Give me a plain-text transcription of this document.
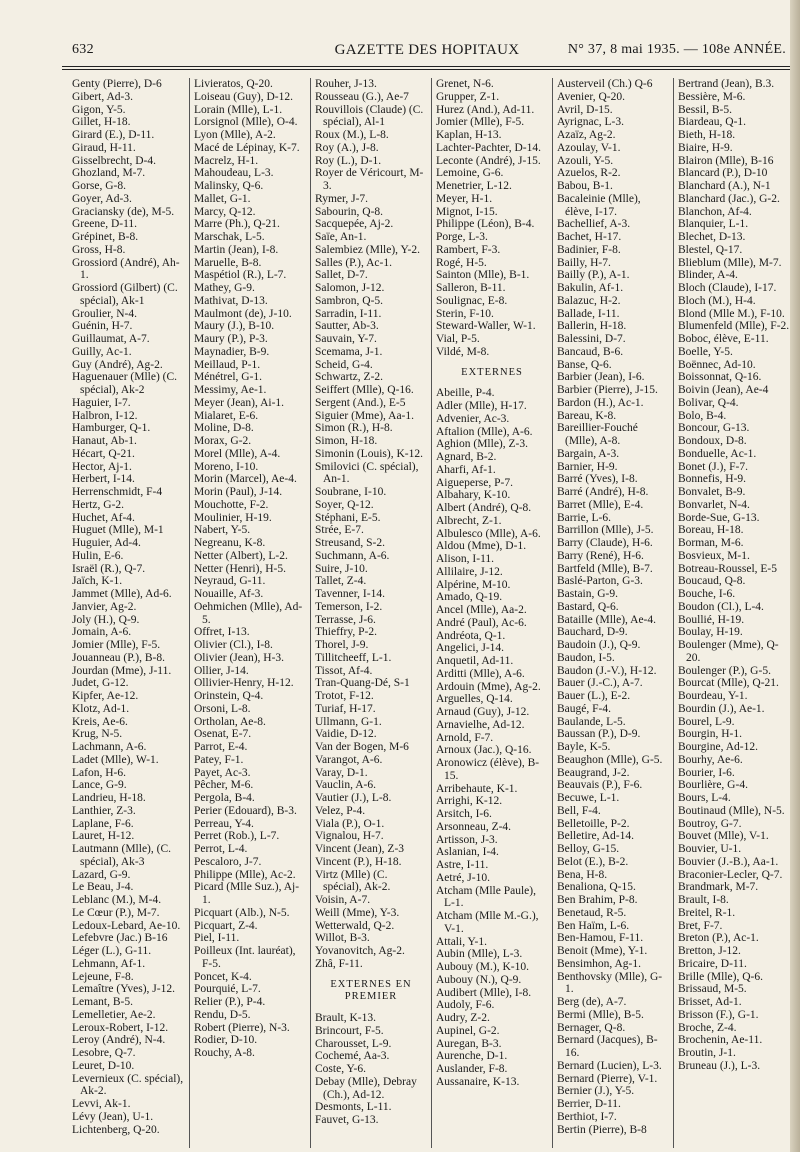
632	GAZETTE DES HOPITAUX	N° 37, 8 mai 1935. — 108e ANNÉE.
Genty (Pierre), D-6
Gibert, Ad-3.
Gigon, Y-5.
Gillet, H-18.
Girard (E.), D-11.
Giraud, H-11.
Gisselbrecht, D-4.
Ghozland, M-7.
Gorse, G-8.
Goyer, Ad-3.
Graciansky (de), M-5.
Greene, D-11.
Grépinet, B-8.
Gross, H-8.
Grossiord (André), Ah-1.
Grossiord (Gilbert) (C. spécial), Ak-1
Groulier, N-4.
Guénin, H-7.
Guillaumat, A-7.
Guilly, Ac-1.
Guy (André), Ag-2.
Haguenauer (Mlle) (C. spécial), Ak-2
Haguier, I-7.
Halbron, I-12.
Hamburger, Q-1.
Hanaut, Ab-1.
Hécart, Q-21.
Hector, Aj-1.
Herbert, I-14.
Herrenschmidt, F-4
Hertz, G-2.
Huchet, Af-4.
Huguet (Mlle), M-1
Huguier, Ad-4.
Hulin, E-6.
Israël (R.), Q-7.
Jaïch, K-1.
Jammet (Mlle), Ad-6.
Janvier, Ag-2.
Joly (H.), Q-9.
Jomain, A-6.
Jomier (Mlle), F-5.
Jouanneau (P.), B-8.
Jourdan (Mme), J-11.
Judet, G-12.
Kipfer, Ae-12.
Klotz, Ad-1.
Kreis, Ae-6.
Krug, N-5.
Lachmann, A-6.
Ladet (Mlle), W-1.
Lafon, H-6.
Lance, G-9.
Landrieu, H-18.
Lanthier, Z-3.
Laplane, F-6.
Lauret, H-12.
Lautmann (Mlle), (C. spécial), Ak-3
Lazard, G-9.
Le Beau, J-4.
Leblanc (M.), M-4.
Le Cœur (P.), M-7.
Ledoux-Lebard, Ae-10.
Lefebvre (Jac.) B-16
Léger (L.), G-11.
Lehmann, Af-1.
Lejeune, F-8.
Lemaître (Yves), J-12.
Lemant, B-5.
Lemelletier, Ae-2.
Leroux-Robert, I-12.
Leroy (André), N-4.
Lesobre, Q-7.
Leuret, D-10.
Levernieux (C. spécial), Ak-2.
Levvi, Ak-1.
Lévy (Jean), U-1.
Lichtenberg, Q-20.
Livieratos, Q-20.
Loiseau (Guy), D-12.
Lorain (Mlle), L-1.
Lorsignol (Mlle), O-4.
Lyon (Mlle), A-2.
Macé de Lépinay, K-7.
Macrelz, H-1.
Mahoudeau, L-3.
Malinsky, Q-6.
Mallet, G-1.
Marcy, Q-12.
Marre (Ph.), Q-21.
Marschak, L-5.
Martin (Jean), I-8.
Maruelle, B-8.
Maspétiol (R.), L-7.
Mathey, G-9.
Mathivat, D-13.
Maulmont (de), J-10.
Maury (J.), B-10.
Maury (P.), P-3.
Maynadier, B-9.
Meillaud, P-1.
Ménétrel, G-1.
Messimy, Ae-1.
Meyer (Jean), Ai-1.
Mialaret, E-6.
Moline, D-8.
Morax, G-2.
Morel (Mlle), A-4.
Moreno, I-10.
Morin (Marcel), Ae-4.
Morin (Paul), J-14.
Mouchotte, F-2.
Moulinier, H-19.
Nabert, Y-5.
Negreanu, K-8.
Netter (Albert), L-2.
Netter (Henri), H-5.
Neyraud, G-11.
Nouaille, Af-3.
Oehmichen (Mlle), Ad-5.
Offret, I-13.
Olivier (Cl.), I-8.
Olivier (Jean), H-3.
Ollier, J-14.
Ollivier-Henry, H-12.
Orinstein, Q-4.
Orsoni, L-8.
Ortholan, Ae-8.
Osenat, E-7.
Parrot, E-4.
Patey, F-1.
Payet, Ac-3.
Pêcher, M-6.
Pergola, B-4.
Perier (Edouard), B-3.
Perreau, Y-4.
Perret (Rob.), L-7.
Perrot, L-4.
Pescaloro, J-7.
Philippe (Mlle), Ac-2.
Picard (Mlle Suz.), Aj-1.
Picquart (Alb.), N-5.
Picquart, Z-4.
Piel, I-11.
Poilleux (Int. lauréat), F-5.
Poncet, K-4.
Pourquié, L-7.
Relier (P.), P-4.
Rendu, D-5.
Robert (Pierre), N-3.
Rodier, D-10.
Rouchy, A-8.
Rouher, J-13.
Rousseau (G.), Ae-7
Rouvillois (Claude) (C. spécial), Al-1
Roux (M.), L-8.
Roy (A.), J-8.
Roy (L.), D-1.
Royer de Véricourt, M-3.
Rymer, J-7.
Sabourin, Q-8.
Sacquepée, Aj-2.
Saïe, An-1.
Salembiez (Mlle), Y-2.
Salles (P.), Ac-1.
Sallet, D-7.
Salomon, J-12.
Sambron, Q-5.
Sarradin, I-11.
Sautter, Ab-3.
Sauvain, Y-7.
Scemama, J-1.
Scheid, G-4.
Schwartz, Z-2.
Seiffert (Mlle), Q-16.
Sergent (And.), E-5
Siguier (Mme), Aa-1.
Simon (R.), H-8.
Simon, H-18.
Simonin (Louis), K-12.
Smilovici (C. spécial), An-1.
Soubrane, I-10.
Soyer, Q-12.
Stéphani, E-5.
Strée, E-7.
Streusand, S-2.
Suchmann, A-6.
Suire, J-10.
Tallet, Z-4.
Tavenner, I-14.
Temerson, I-2.
Terrasse, J-6.
Thieffry, P-2.
Thorel, J-9.
Tillitcheeff, L-1.
Tissot, Af-4.
Tran-Quang-Dé, S-1
Trotot, F-12.
Turiaf, H-17.
Ullmann, G-1.
Vaidie, D-12.
Van der Bogen, M-6
Varangot, A-6.
Varay, D-1.
Vauclin, A-6.
Vautier (J.), L-8.
Velez, P-4.
Viala (P.), O-1.
Vignalou, H-7.
Vincent (Jean), Z-3
Vincent (P.), H-18.
Virtz (Mlle) (C. spécial), Ak-2.
Voisin, A-7.
Weill (Mme), Y-3.
Wetterwald, Q-2.
Willot, B-3.
Yovanovitch, Ag-2.
Zhâ, F-11.
EXTERNES EN PREMIER
Brault, K-13.
Brincourt, F-5.
Charousset, L-9.
Cochemé, Aa-3.
Coste, Y-6.
Debay (Mlle), Debray (Ch.), Ad-12.
Desmonts, L-11.
Fauvet, G-13.
Grenet, N-6.
Grupper, Z-1.
Hurez (And.), Ad-11.
Jomier (Mlle), F-5.
Kaplan, H-13.
Lachter-Pachter, D-14.
Leconte (André), J-15.
Lemoine, G-6.
Menetrier, L-12.
Meyer, H-1.
Mignot, I-15.
Philippe (Léon), B-4.
Porge, L-3.
Rambert, F-3.
Rogé, H-5.
Sainton (Mlle), B-1.
Salleron, B-11.
Soulignac, E-8.
Sterin, F-10.
Steward-Waller, W-1.
Vial, P-5.
Vildé, M-8.
EXTERNES
Abeille, P-4.
Adler (Mlle), H-17.
Advenier, Ac-3.
Aftalion (Mlle), A-6.
Aghion (Mlle), Z-3.
Agnard, B-2.
Aharfi, Af-1.
Aigueperse, P-7.
Albahary, K-10.
Albert (André), Q-8.
Albrecht, Z-1.
Albulesco (Mlle), A-6.
Aldou (Mme), D-1.
Alison, I-11.
Allilaire, J-12.
Alpérine, M-10.
Amado, Q-19.
Ancel (Mlle), Aa-2.
André (Paul), Ac-6.
Andréota, Q-1.
Angelici, J-14.
Anquetil, Ad-11.
Arditti (Mlle), A-6.
Ardouin (Mme), Ag-2.
Arguelles, Q-14.
Arnaud (Guy), J-12.
Arnavielhe, Ad-12.
Arnold, F-7.
Arnoux (Jac.), Q-16.
Aronowicz (élève), B-15.
Arribehaute, K-1.
Arrighi, K-12.
Arsitch, I-6.
Arsonneau, Z-4.
Artisson, J-3.
Aslanian, I-4.
Astre, I-11.
Aetré, J-10.
Atcham (Mlle Paule), L-1.
Atcham (Mlle M.-G.), V-1.
Attali, Y-1.
Aubin (Mlle), L-3.
Aubouy (M.), K-10.
Aubouy (N.), Q-9.
Audibert (Mlle), I-8.
Audoly, F-6.
Audry, Z-2.
Aupinel, G-2.
Auregan, B-3.
Aurenche, D-1.
Auslander, F-8.
Aussanaire, K-13.
Austerveil (Ch.) Q-6
Avenier, Q-20.
Avril, D-15.
Ayrignac, L-3.
Azaïz, Ag-2.
Azoulay, V-1.
Azouli, Y-5.
Azuelos, R-2.
Babou, B-1.
Bacaleinie (Mlle), élève, I-17.
Bachellief, A-3.
Bachet, H-17.
Badinier, F-8.
Bailly, H-7.
Bailly (P.), A-1.
Bakulin, Af-1.
Balazuc, H-2.
Ballade, I-11.
Ballerin, H-18.
Balessini, D-7.
Bancaud, B-6.
Banse, Q-6.
Barbier (Jean), I-6.
Barbier (Pierre), J-15.
Bardon (H.), Ac-1.
Bareau, K-8.
Bareillier-Fouché (Mlle), A-8.
Bargain, A-3.
Barnier, H-9.
Barré (Yves), I-8.
Barré (André), H-8.
Barret (Mlle), E-4.
Barrie, L-6.
Barrillon (Mlle), J-5.
Barry (Claude), H-6.
Barry (René), H-6.
Bartfeld (Mlle), B-7.
Baslé-Parton, G-3.
Bastain, G-9.
Bastard, Q-6.
Bataille (Mlle), Ae-4.
Bauchard, D-9.
Baudoin (J.), Q-9.
Baudon, I-5.
Baudon (J.-V.), H-12.
Bauer (J.-C.), A-7.
Bauer (L.), E-2.
Baugé, F-4.
Baulande, L-5.
Baussan (P.), D-9.
Bayle, K-5.
Beaughon (Mlle), G-5.
Beaugrand, J-2.
Beauvais (P.), F-6.
Becuwe, L-1.
Bell, F-4.
Belletoille, P-2.
Belletire, Ad-14.
Belloy, G-15.
Belot (E.), B-2.
Bena, H-8.
Benaliona, Q-15.
Ben Brahim, P-8.
Benetaud, R-5.
Ben Haïm, L-6.
Ben-Hamou, F-11.
Benoit (Mme), Y-1.
Bensimhon, Ag-1.
Benthovsky (Mlle), G-1.
Berg (de), A-7.
Bermi (Mlle), B-5.
Bernager, Q-8.
Bernard (Jacques), B-16.
Bernard (Lucien), L-3.
Bernard (Pierre), V-1.
Bernier (J.), Y-5.
Berrier, D-11.
Berthiot, I-7.
Bertin (Pierre), B-8
Bertrand (Jean), B.3.
Bessière, M-6.
Bessil, B-5.
Biardeau, Q-1.
Bieth, H-18.
Biaire, H-9.
Blairon (Mlle), B-16
Blancard (P.), D-10
Blanchard (A.), N-1
Blanchard (Jac.), G-2.
Blanchon, Af-4.
Blanquier, L-1.
Blechet, D-13.
Blestel, Q-17.
Blieblum (Mlle), M-7.
Blinder, A-4.
Bloch (Claude), I-17.
Bloch (M.), H-4.
Blond (Mlle M.), F-10.
Blumenfeld (Mlle), F-2.
Boboc, élève, E-11.
Boelle, Y-5.
Boënnec, Ad-10.
Boissonnat, Q-16.
Boivin (Jean), Ae-4
Bolivar, Q-4.
Bolo, B-4.
Boncour, G-13.
Bondoux, D-8.
Bonduelle, Ac-1.
Bonet (J.), F-7.
Bonnefis, H-9.
Bonvalet, B-9.
Bonvarlet, N-4.
Borde-Sue, G-13.
Boreau, H-18.
Borman, M-6.
Bosvieux, M-1.
Botreau-Roussel, E-5
Boucaud, Q-8.
Bouche, I-6.
Boudon (Cl.), L-4.
Boullié, H-19.
Boulay, H-19.
Boulenger (Mme), Q-20.
Boulenger (P.), G-5.
Bourcat (Mlle), Q-21.
Bourdeau, Y-1.
Bourdin (J.), Ae-1.
Bourel, L-9.
Bourgin, H-1.
Bourgine, Ad-12.
Bourhy, Ae-6.
Bourier, I-6.
Bourlière, G-4.
Bours, L-4.
Boutinaud (Mlle), N-5.
Boutroy, G-7.
Bouvet (Mlle), V-1.
Bouvier, U-1.
Bouvier (J.-B.), Aa-1.
Braconier-Lecler, Q-7.
Brandmark, M-7.
Brault, I-8.
Breitel, R-1.
Bret, F-7.
Breton (P.), Ac-1.
Bretton, J-12.
Bricaire, D-11.
Brille (Mlle), Q-6.
Brissaud, M-5.
Brisset, Ad-1.
Brisson (F.), G-1.
Broche, Z-4.
Brochenin, Ae-11.
Broutin, J-1.
Bruneau (J.), L-3.
